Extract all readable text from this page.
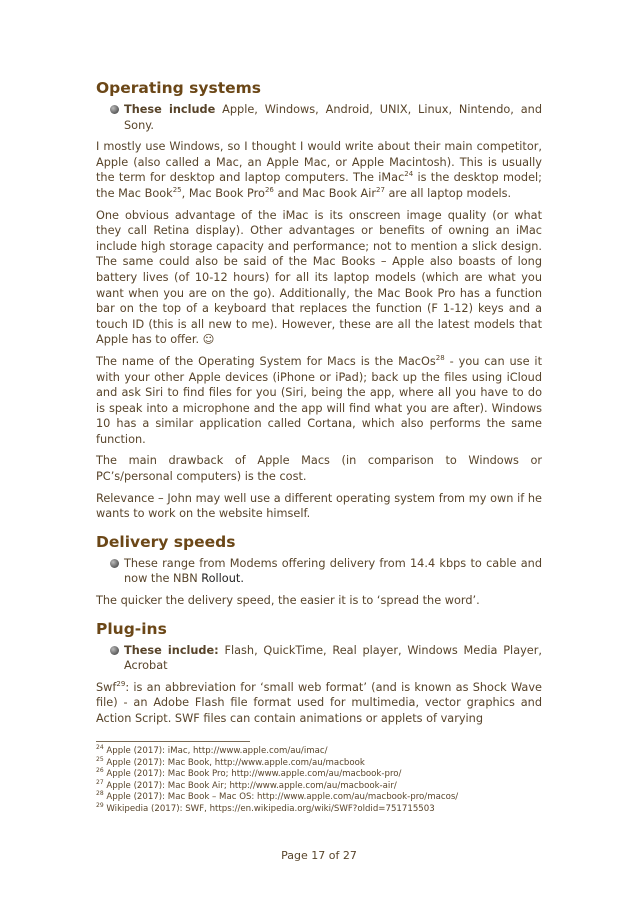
Operating systems
These include Apple, Windows, Android, UNIX, Linux, Nintendo, and Sony.

I mostly use Windows, so I thought I would write about their main competitor, Apple (also called a Mac, an Apple Mac, or Apple Macintosh). This is usually the term for desktop and laptop computers. The iMac$^{24}$ is the desktop model; the Mac Book$^{25}$, Mac Book Pro$^{26}$ and Mac Book Air$^{27}$ are all laptop models.

One obvious advantage of the iMac is its onscreen image quality (or what they call Retina display). Other advantages or benefits of owning an iMac include high storage capacity and performance; not to mention a slick design. The same could also be said of the Mac Books – Apple also boasts of long battery lives (of 10-12 hours) for all its laptop models (which are what you want when you are on the go). Additionally, the Mac Book Pro has a function bar on the top of a keyboard that replaces the function (F 1-12) keys and a touch ID (this is all new to me). However, these are all the latest models that Apple has to offer. ☺

The name of the Operating System for Macs is the MacOs$^{28}$ - you can use it with your other Apple devices (iPhone or iPad); back up the files using iCloud and ask Siri to find files for you (Siri, being the app, where all you have to do is speak into a microphone and the app will find what you are after). Windows 10 has a similar application called Cortana, which also performs the same function.

The main drawback of Apple Macs (in comparison to Windows or PC’s/personal computers) is the cost.

Relevance – John may well use a different operating system from my own if he wants to work on the website himself.

Delivery speeds
These range from Modems offering delivery from 14.4 kbps to cable and now the NBN Rollout.

The quicker the delivery speed, the easier it is to ‘spread the word’.

Plug-ins
These include: Flash, QuickTime, Real player, Windows Media Player, Acrobat

Swf$^{29}$: is an abbreviation for ‘small web format’ (and is known as Shock Wave file) - an Adobe Flash file format used for multimedia, vector graphics and Action Script. SWF files can contain animations or applets of varying

$^{24}$ Apple (2017): iMac, http://www.apple.com/au/imac/

$^{25}$ Apple (2017): Mac Book, http://www.apple.com/au/macbook

$^{26}$ Apple (2017): Mac Book Pro; http://www.apple.com/au/macbook-pro/

$^{27}$ Apple (2017): Mac Book Air; http://www.apple.com/au/macbook-air/

$^{28}$ Apple (2017): Mac Book – Mac OS: http://www.apple.com/au/macbook-pro/macos/

$^{29}$ Wikipedia (2017): SWF, https://en.wikipedia.org/wiki/SWF?oldid=751715503

Page 17 of 27
